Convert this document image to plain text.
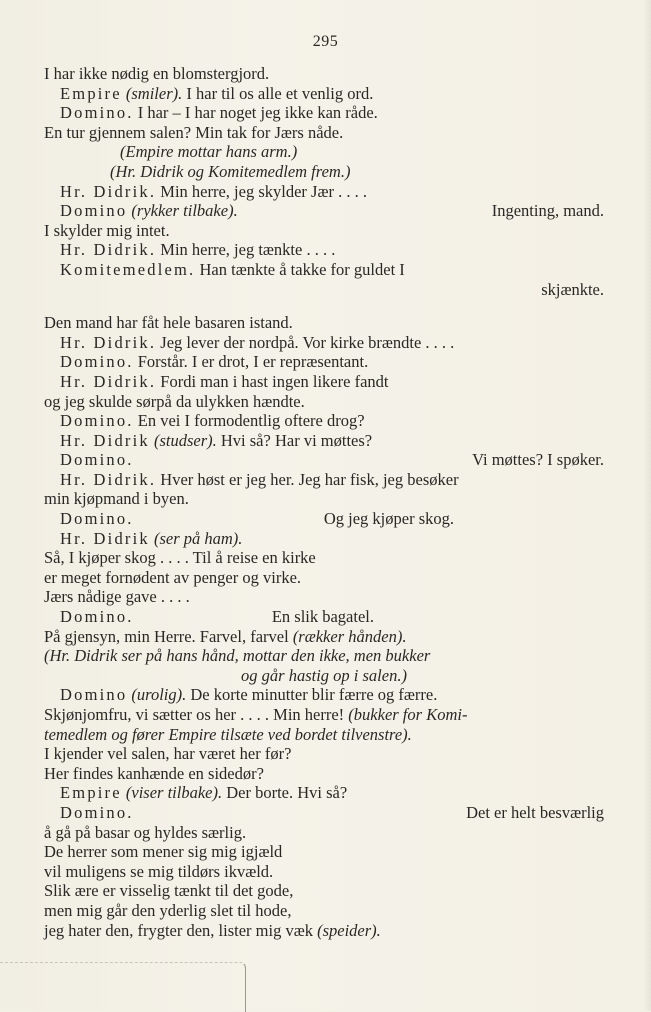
295
I har ikke nødig en blomstergjord.
Empire (smiler). I har til os alle et venlig ord.
Domino. I har – I har noget jeg ikke kan råde.
En tur gjennem salen? Min tak for Jærs nåde.
(Empire mottar hans arm.)
(Hr. Didrik og Komitemedlem frem.)
Hr. Didrik. Min herre, jeg skylder Jær . . . .
Domino (rykker tilbake).	Ingenting, mand.
I skylder mig intet.
Hr. Didrik. Min herre, jeg tænkte . . . .
Komitemedlem. Han tænkte å takke for guldet I
skjænkte.
Den mand har fåt hele basaren istand.
Hr. Didrik. Jeg lever der nordpå. Vor kirke brændte . . . .
Domino. Forstår. I er drot, I er repræsentant.
Hr. Didrik. Fordi man i hast ingen likere fandt
og jeg skulde sørpå da ulykken hændte.
Domino. En vei I formodentlig oftere drog?
Hr. Didrik (studser). Hvi så? Har vi møttes?
Domino.	Vi møttes? I spøker.
Hr. Didrik. Hver høst er jeg her. Jeg har fisk, jeg besøker
min kjøpmand i byen.
Domino.	Og jeg kjøper skog.
Hr. Didrik (ser på ham).
Så, I kjøper skog . . . . Til å reise en kirke
er meget fornødent av penger og virke.
Jærs nådige gave . . . .
Domino.	En slik bagatel.
På gjensyn, min Herre. Farvel, farvel (rækker hånden).
(Hr. Didrik ser på hans hånd, mottar den ikke, men bukker
og går hastig op i salen.)
Domino (urolig). De korte minutter blir færre og færre.
Skjønjomfru, vi sætter os her . . . . Min herre! (bukker for Komi-
temedlem og fører Empire tilsæte ved bordet tilvenstre).
I kjender vel salen, har været her før?
Her findes kanhænde en sidedør?
Empire (viser tilbake). Der borte. Hvi så?
Domino.	Det er helt besværlig
å gå på basar og hyldes særlig.
De herrer som mener sig mig igjæld
vil muligens se mig tildørs ikvæld.
Slik ære er visselig tænkt til det gode,
men mig går den yderlig slet til hode,
jeg hater den, frygter den, lister mig væk (speider).
